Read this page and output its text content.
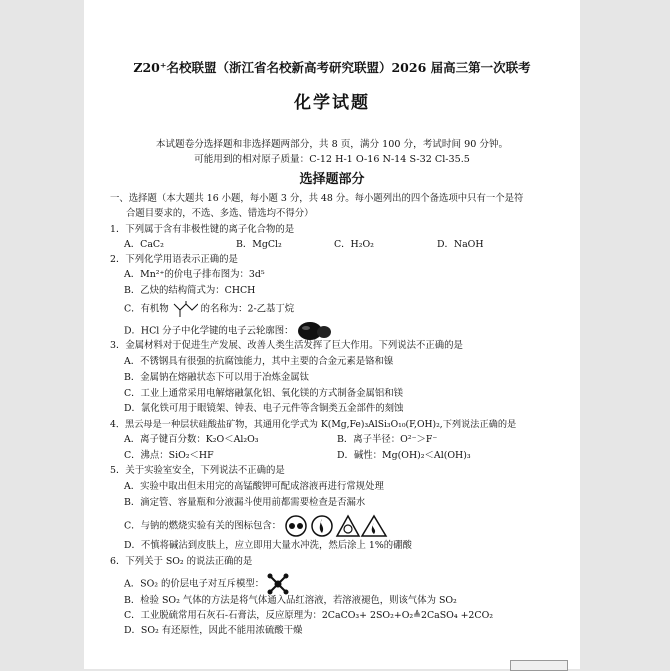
Z20⁺名校联盟（浙江省名校新高考研究联盟）2026 届高三第一次联考
化学试题
本试题卷分选择题和非选择题两部分，共 8 页，满分 100 分，考试时间 90 分钟。
可能用到的相对原子质量：C-12 H-1 O-16 N-14 S-32 Cl-35.5
选择题部分
一、选择题（本大题共 16 小题，每小题 3 分，共 48 分。每小题列出的四个备选项中只有一个是符
合题目要求的，不选、多选、错选均不得分）
1．下列属于含有非极性键的离子化合物的是
A．CaC₂	B．MgCl₂	C．H₂O₂	D．NaOH
2．下列化学用语表示正确的是
A．Mn²⁺的价电子排布图为：3d⁵
B．乙炔的结构简式为：CHCH
C．有机物	的名称为：2-乙基丁烷
D．HCl 分子中化学键的电子云轮廓图：
3．金属材料对于促进生产发展、改善人类生活发挥了巨大作用。下列说法不正确的是
A．不锈钢具有很强的抗腐蚀能力，其中主要的合金元素是铬和镍
B．金属钠在熔融状态下可以用于冶炼金属钛
C．工业上通常采用电解熔融氯化铝、氧化镁的方式制备金属铝和镁
D．氯化铁可用于眼镜架、钟表、电子元件等含铜类五金部件的刻蚀
4．黑云母是一种层状硅酸盐矿物，其通用化学式为 K(Mg,Fe)₃AlSi₃O₁₀(F,OH)₂,下列说法正确的是
A．离子键百分数：K₂O＜Al₂O₃	B．离子半径：O²⁻＞F⁻
C．沸点：SiO₂＜HF	D．碱性：Mg(OH)₂＜Al(OH)₃
5．关于实验室安全，下列说法不正确的是
A．实验中取出但未用完的高锰酸钾可配成溶液再进行常规处理
B．滴定管、容量瓶和分液漏斗使用前都需要检查是否漏水
C．与钠的燃烧实验有关的图标包含：
D．不慎将碱沾到皮肤上，应立即用大量水冲洗，然后涂上 1%的硼酸
6．下列关于 SO₂ 的说法正确的是
A．SO₂ 的价层电子对互斥模型：
B．检验 SO₂ 气体的方法是将气体通入品红溶液，若溶液褪色，则该气体为 SO₂
C．工业脱硫常用石灰石-石膏法，反应原理为：2CaCO₃+ 2SO₂+O₂≜2CaSO₄ +2CO₂
D．SO₂ 有还原性，因此不能用浓硫酸干燥
